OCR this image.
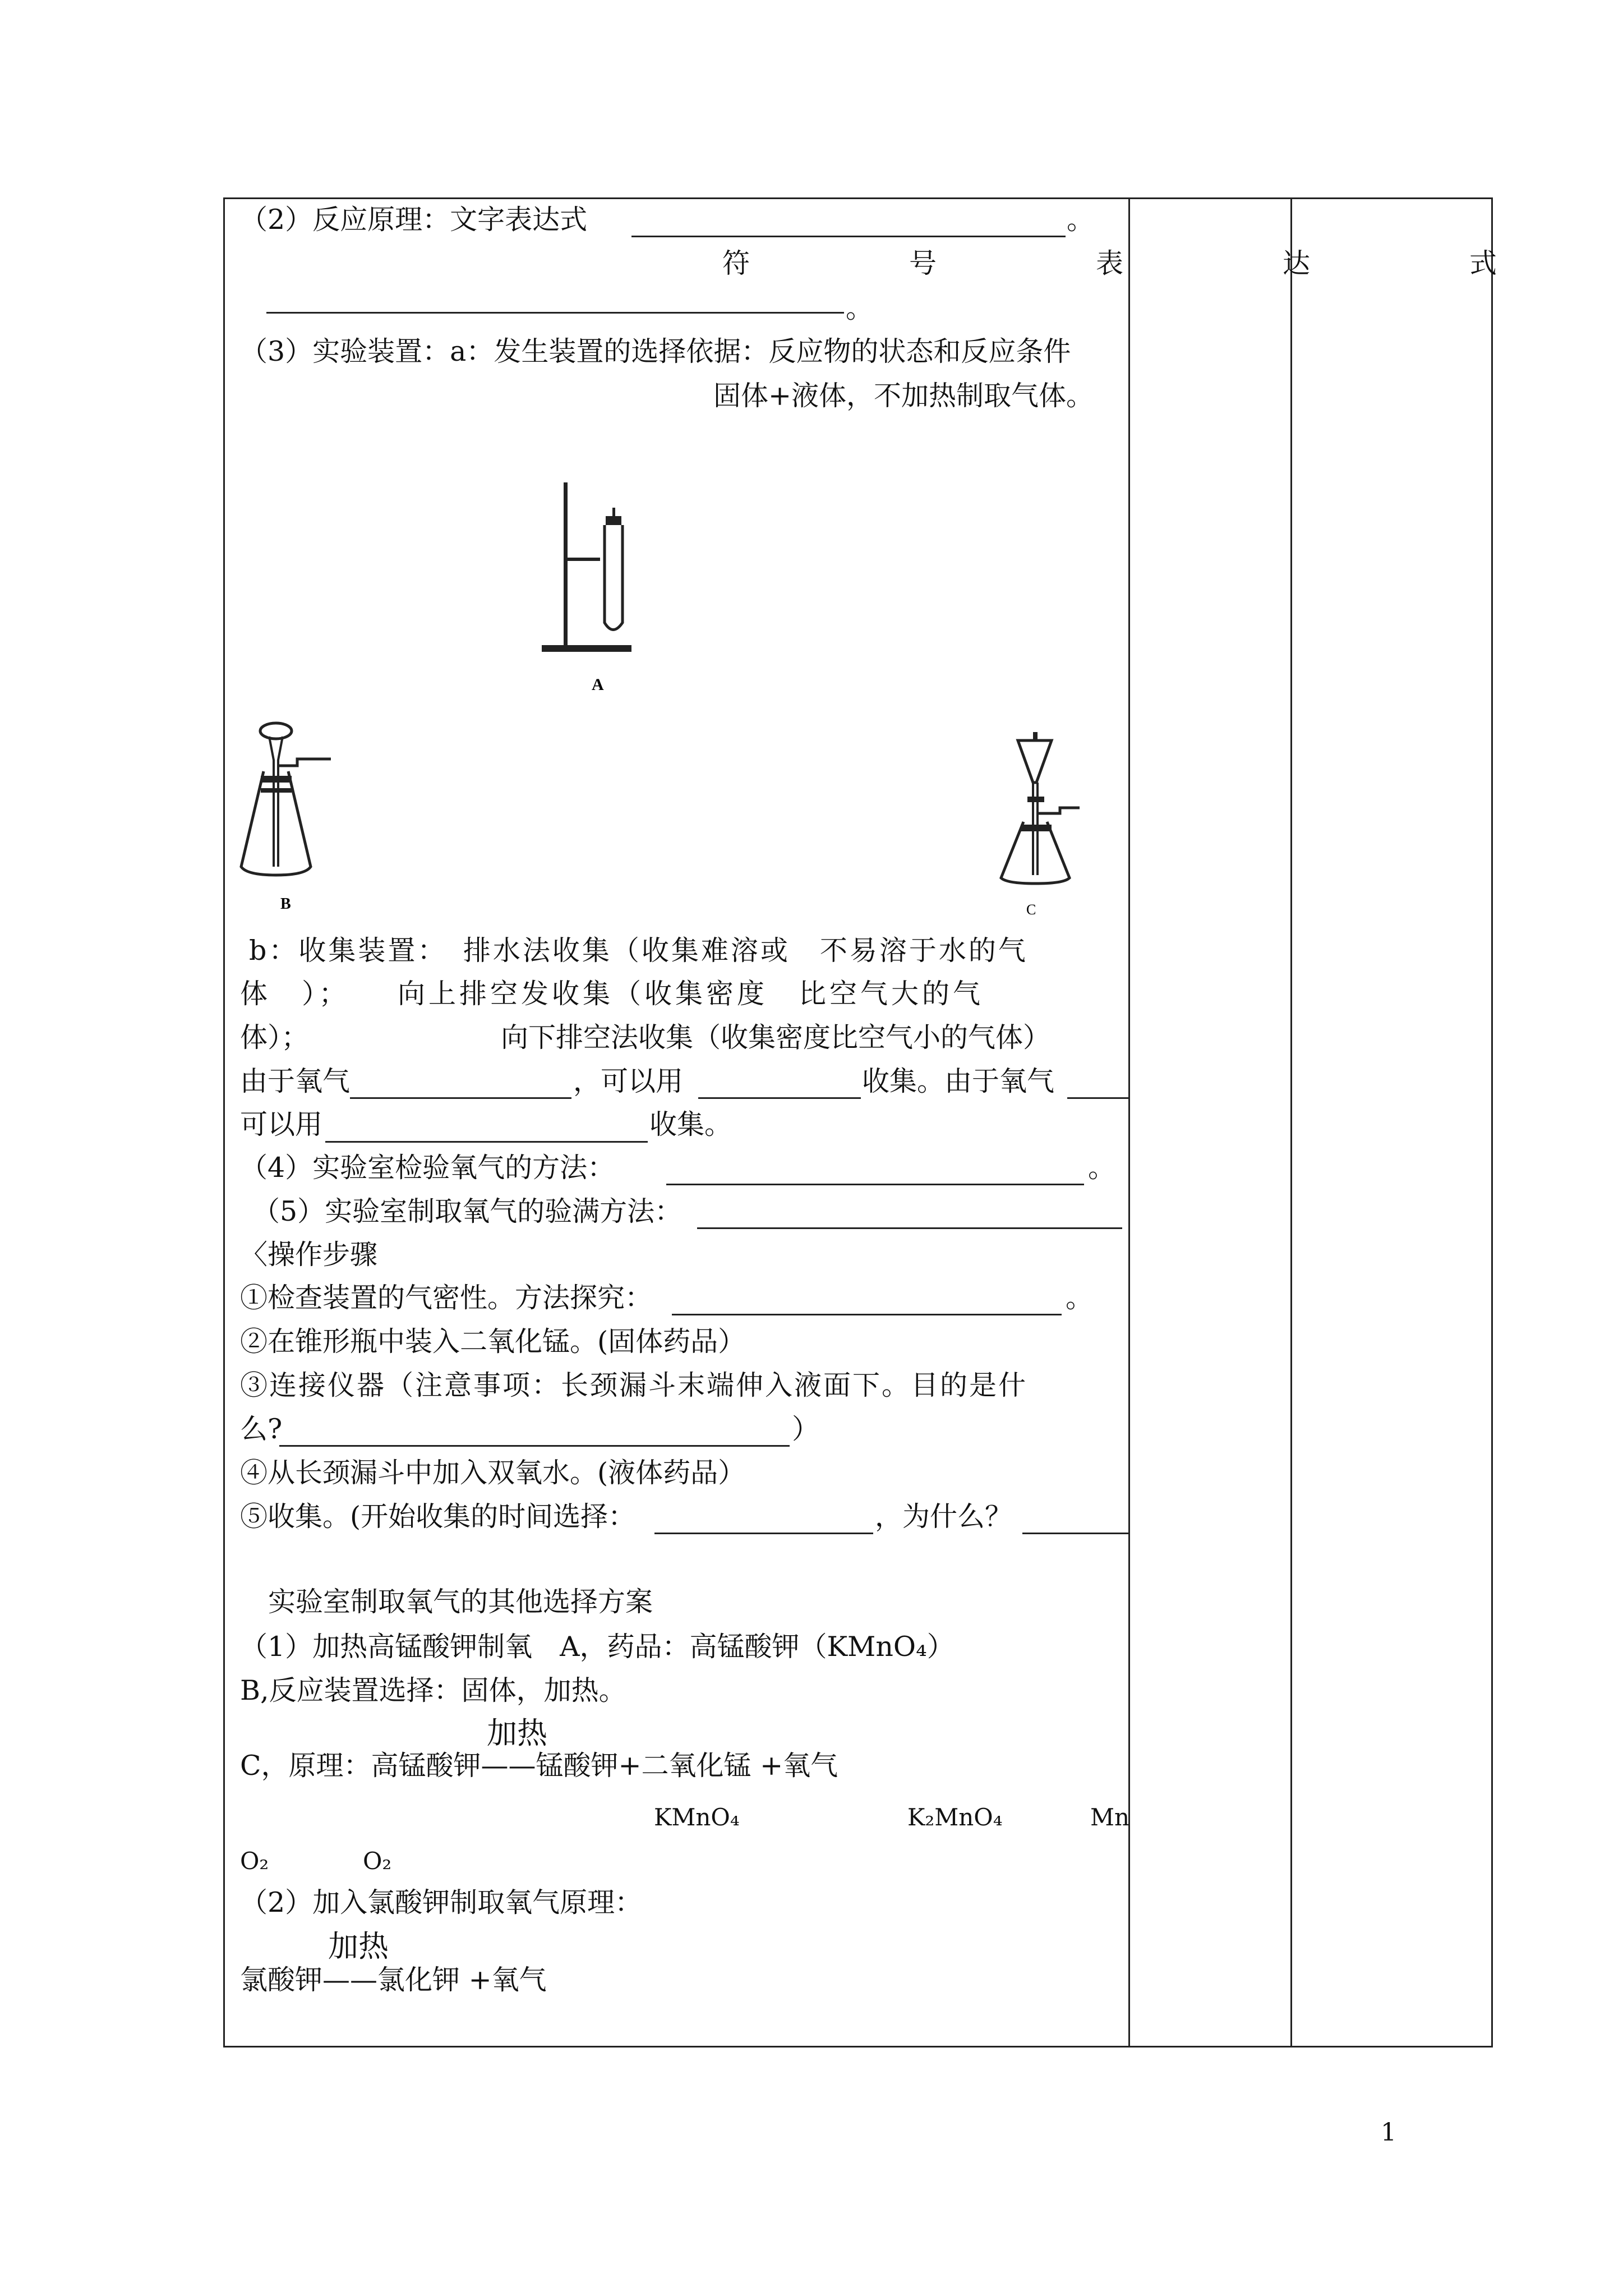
（2）反应原理：文字表达式	。
符　　号　　表　　达　　式
。
（3）实验装置：a：发生装置的选择依据：反应物的状态和反应条件
固体+液体，不加热制取气体。
A
B	C
b：收集装置：　排水法收集（收集难溶或　不易溶于水的气
体　）；　　向上排空发收集（收集密度　比空气大的气
体）；	向下排空法收集（收集密度比空气小的气体）
由于氧气	，可以用	收集。由于氧气
可以用	收集。
（4）实验室检验氧气的方法：	。
（5）实验室制取氧气的验满方法：
〈操作步骤
①检查装置的气密性。方法探究：	。
②在锥形瓶中装入二氧化锰。(固体药品）
③连接仪器（注意事项：长颈漏斗末端伸入液面下。目的是什
么?	）
④从长颈漏斗中加入双氧水。(液体药品）
⑤收集。(开始收集的时间选择：	，为什么？
实验室制取氧气的其他选择方案
（1）加热高锰酸钾制氧　A，药品：高锰酸钾（KMnO₄）
B,反应装置选择：固体，加热。
加热
C，原理：高锰酸钾——锰酸钾+二氧化锰 +氧气
KMnO₄	K₂MnO₄	Mn
O₂	O₂
（2）加入氯酸钾制取氧气原理：
加热
氯酸钾——氯化钾 +氧气
1
